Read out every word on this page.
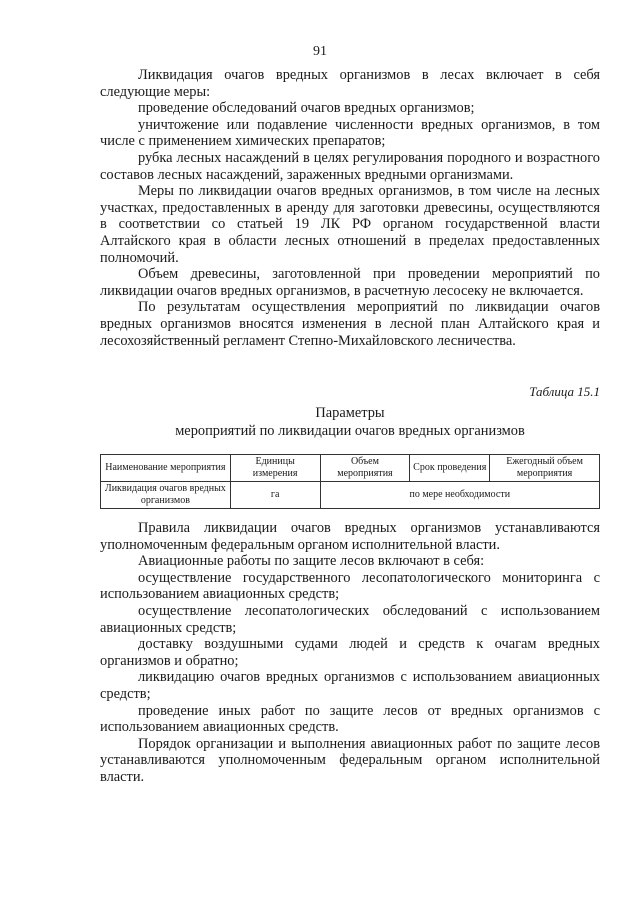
91

Ликвидация очагов вредных организмов в лесах включает в себя следующие меры:

проведение обследований очагов вредных организмов;

уничтожение или подавление численности вредных организмов, в том числе с применением химических препаратов;

рубка лесных насаждений в целях регулирования породного и возрастного составов лесных насаждений, зараженных вредными организмами.

Меры по ликвидации очагов вредных организмов, в том числе на лесных участках, предоставленных в аренду для заготовки древесины, осуществляются в соответствии со статьей 19 ЛК РФ органом государственной власти Алтайского края в области лесных отношений в пределах предоставленных полномочий.

Объем древесины, заготовленной при проведении мероприятий по ликвидации очагов вредных организмов, в расчетную лесосеку не включается.

По результатам осуществления мероприятий по ликвидации очагов вредных организмов вносятся изменения в лесной план Алтайского края и лесохозяйственный регламент Степно-Михайловского лесничества.

Таблица 15.1
Параметры
мероприятий по ликвидации очагов вредных организмов
Наименование мероприятия	Единицы измерения	Объем мероприятия	Срок проведения	Ежегодный объем мероприятия
Ликвидация очагов вредных организмов	га	по мере необходимости		

Правила ликвидации очагов вредных организмов устанавливаются уполномоченным федеральным органом исполнительной власти.

Авиационные работы по защите лесов включают в себя:

осуществление государственного лесопатологического мониторинга с использованием авиационных средств;

осуществление лесопатологических обследований с использованием авиационных средств;

доставку воздушными судами людей и средств к очагам вредных организмов и обратно;

ликвидацию очагов вредных организмов с использованием авиационных средств;

проведение иных работ по защите лесов от вредных организмов с использованием авиационных средств.

Порядок организации и выполнения авиационных работ по защите лесов устанавливаются уполномоченным федеральным органом исполнительной власти.
